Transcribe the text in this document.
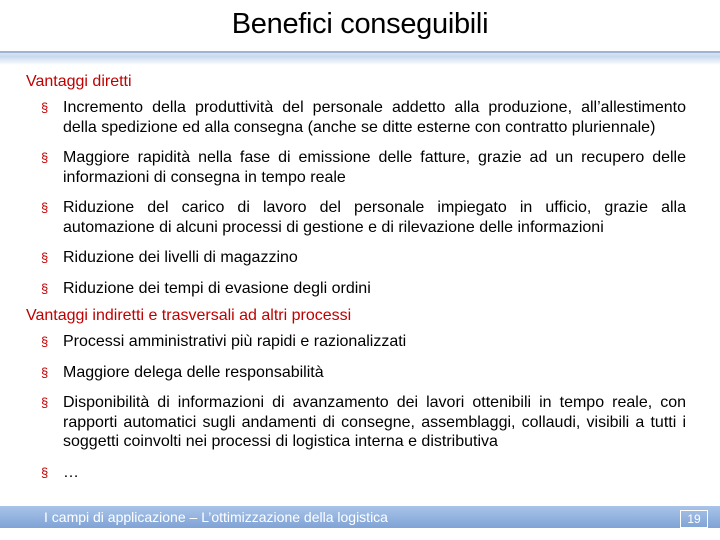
Benefici conseguibili
Vantaggi diretti
§ Incremento della produttività del personale addetto alla produzione, all’allestimento della spedizione ed alla consegna (anche se ditte esterne con contratto pluriennale)
§ Maggiore rapidità nella fase di emissione delle fatture, grazie ad un recupero delle informazioni di consegna in tempo reale
§ Riduzione del carico di lavoro del personale impiegato in ufficio, grazie alla automazione di alcuni processi di gestione e di rilevazione delle informazioni
§ Riduzione dei livelli di magazzino
§ Riduzione dei tempi di evasione degli ordini
Vantaggi indiretti e trasversali ad altri processi
§ Processi amministrativi più rapidi e razionalizzati
§ Maggiore delega delle responsabilità
§ Disponibilità di informazioni di avanzamento dei lavori ottenibili in tempo reale, con rapporti automatici sugli andamenti di consegne, assemblaggi, collaudi, visibili a tutti i soggetti coinvolti nei processi di logistica interna e distributiva
§ …
I campi di applicazione – L’ottimizzazione della logistica	19
